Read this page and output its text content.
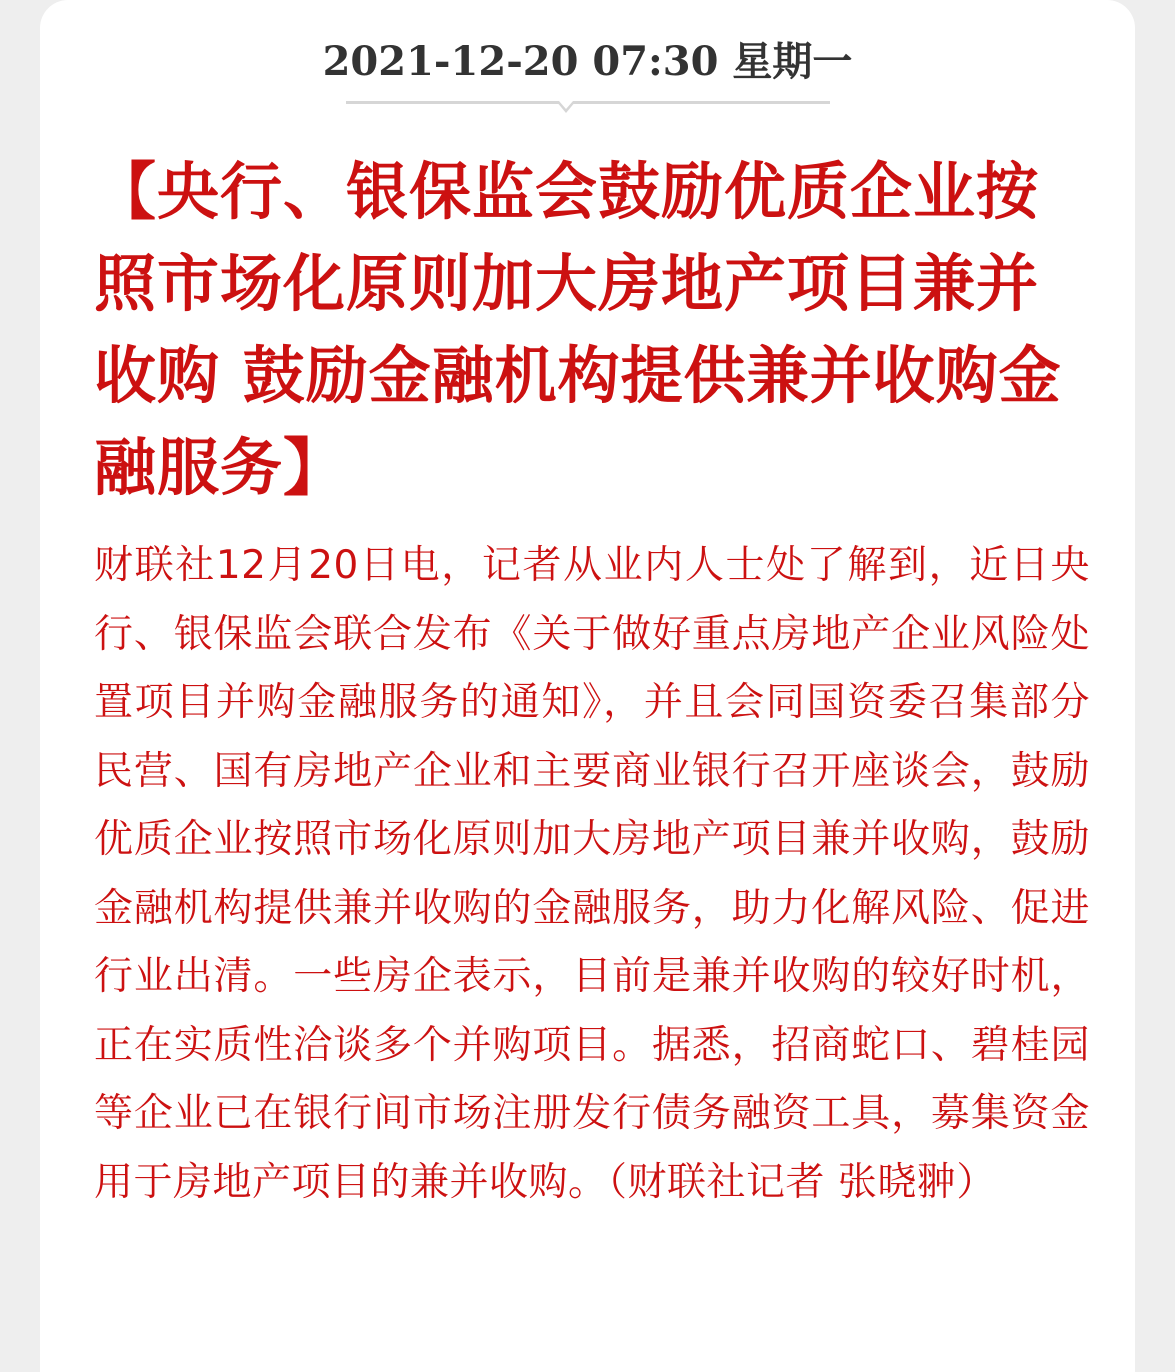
2021-12-20 07:30 星期一
【央行、银保监会鼓励优质企业按照市场化原则加大房地产项目兼并收购 鼓励金融机构提供兼并收购金融服务】

财联社12月20日电，记者从业内人士处了解到，近日央行、银保监会联合发布《关于做好重点房地产企业风险处置项目并购金融服务的通知》，并且会同国资委召集部分民营、国有房地产企业和主要商业银行召开座谈会，鼓励优质企业按照市场化原则加大房地产项目兼并收购，鼓励金融机构提供兼并收购的金融服务，助力化解风险、促进行业出清。一些房企表示，目前是兼并收购的较好时机，正在实质性洽谈多个并购项目。据悉，招商蛇口、碧桂园等企业已在银行间市场注册发行债务融资工具，募集资金用于房地产项目的兼并收购。（财联社记者 张晓翀）
